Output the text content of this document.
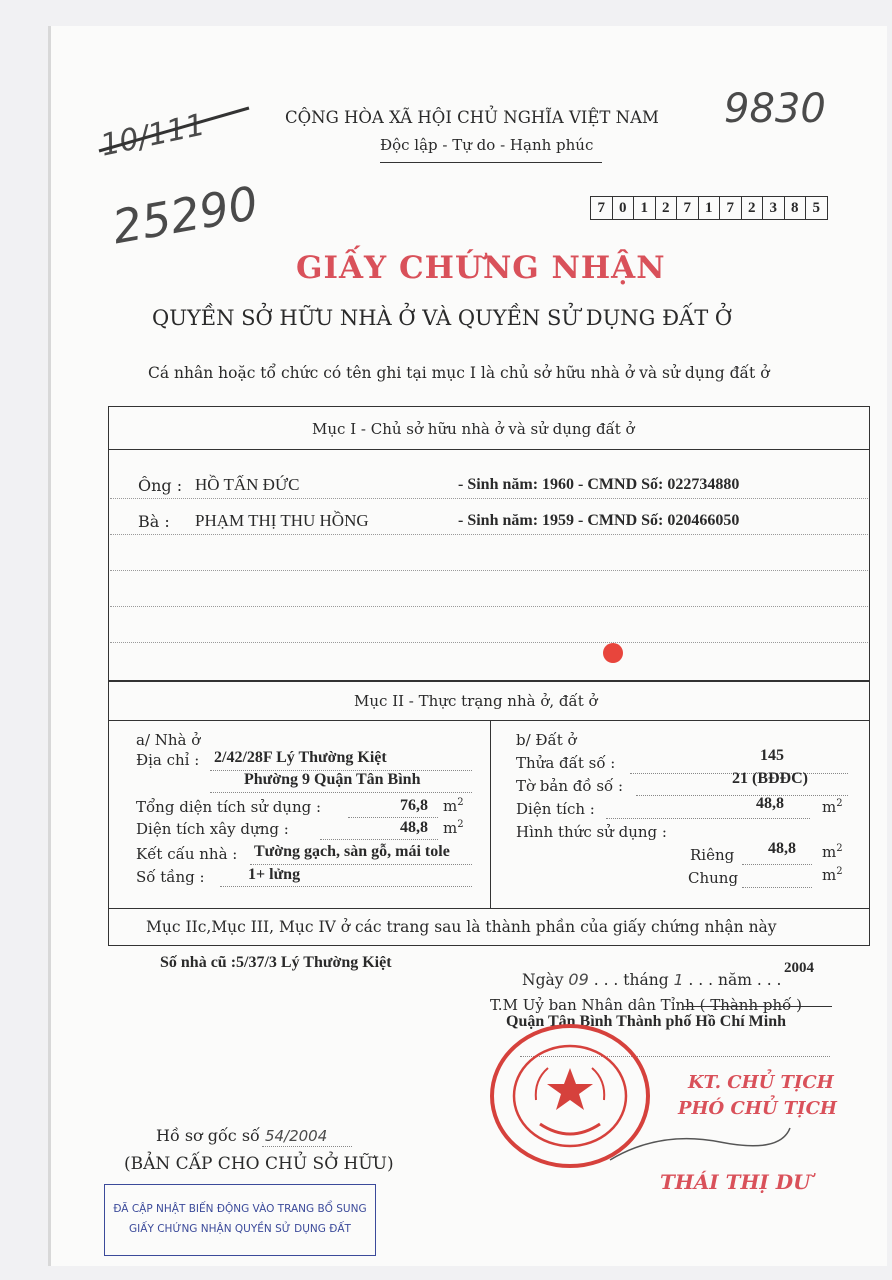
10/111
25290
9830
CỘNG HÒA XÃ HỘI CHỦ NGHĨA VIỆT NAM
Độc lập - Tự do - Hạnh phúc
7 0 1 2 7 1 7 2 3 8 5
GIẤY CHỨNG NHẬN
QUYỀN SỞ HỮU NHÀ Ở VÀ QUYỀN SỬ DỤNG ĐẤT Ở
Cá nhân hoặc tổ chức có tên ghi tại mục I là chủ sở hữu nhà ở và sử dụng đất ở
Mục I - Chủ sở hữu nhà ở và sử dụng đất ở
Ông : HỒ TẤN ĐỨC	- Sinh năm: 1960 - CMND Số: 022734880
Bà : PHẠM THỊ THU HỒNG	- Sinh năm: 1959 - CMND Số: 020466050
Mục II - Thực trạng nhà ở, đất ở
a/ Nhà ở
Địa chỉ : 2/42/28F Lý Thường Kiệt
Phường 9 Quận Tân Bình
Tổng diện tích sử dụng :	76,8 $m^2$
Diện tích xây dựng :	48,8 $m^2$
Kết cấu nhà : Tường gạch, sàn gỗ, mái tole
Số tầng :	1+ lửng
b/ Đất ở
Thửa đất số :	145
Tờ bản đồ số :	21 (BĐĐC)
Diện tích :	48,8	$m^2$
Hình thức sử dụng :
Riêng 48,8 $m^2$
Chung	$m^2$
Mục IIc,Mục III, Mục IV ở các trang sau là thành phần của giấy chứng nhận này
Số nhà cũ :5/37/3 Lý Thường Kiệt
Ngày 09 . . . tháng 1 . . . năm . . .
2004
T.M Uỷ ban Nhân dân Tỉnh ( Thành phố )
Quận Tân Bình Thành phố Hồ Chí Minh
KT. CHỦ TỊCH
PHÓ CHỦ TỊCH
THÁI THỊ DƯ
Hồ sơ gốc số 54/2004
(BẢN CẤP CHO CHỦ SỞ HỮU)
ĐÃ CẬP NHẬT BIẾN ĐỘNG VÀO TRANG BỔ SUNG
GIẤY CHỨNG NHẬN QUYỀN SỬ DỤNG ĐẤT
